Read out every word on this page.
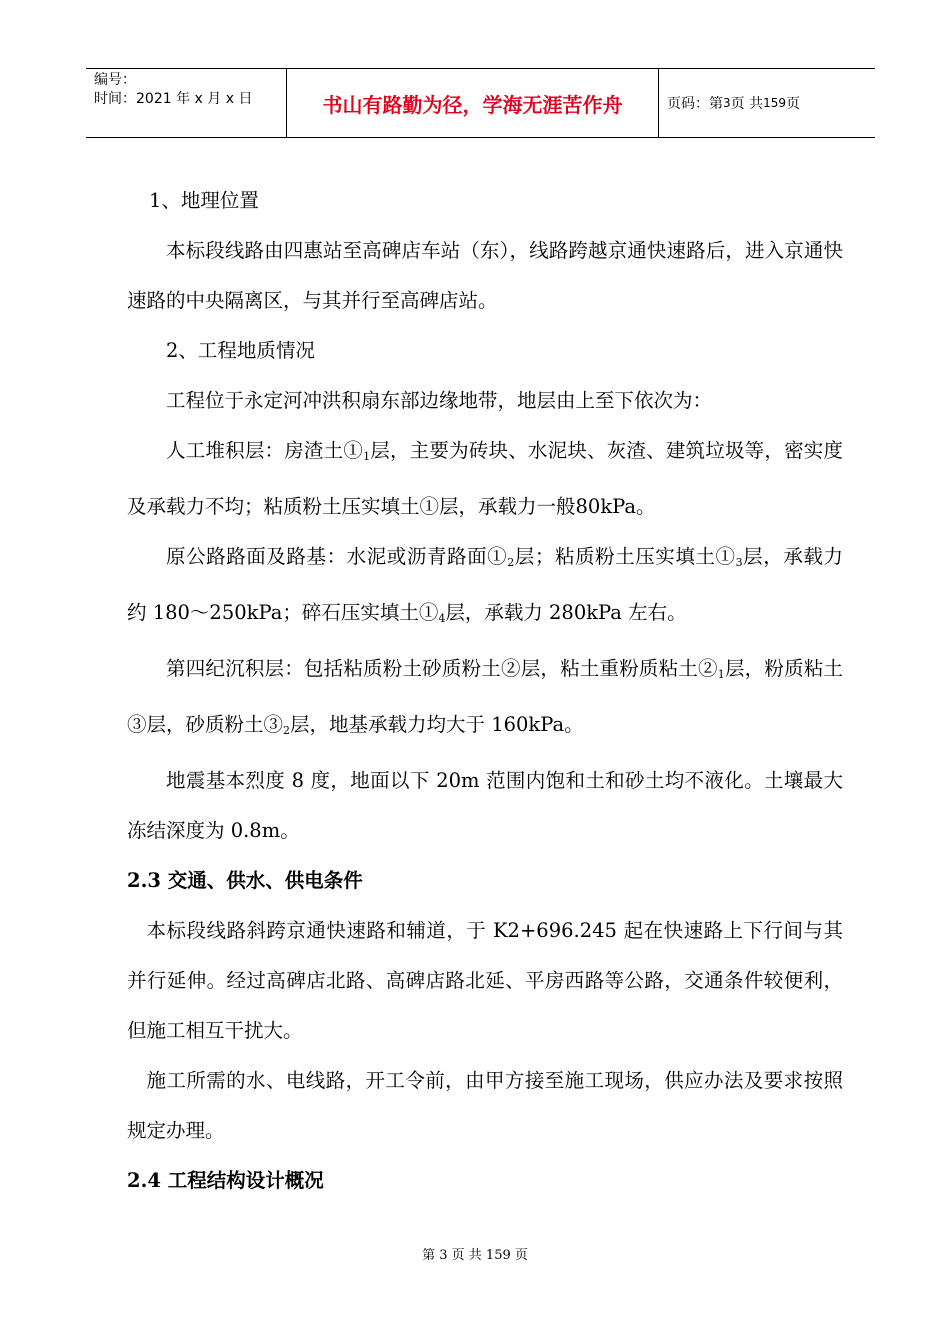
编号：
时间：2021 年 x 月 x 日	书山有路勤为径，学海无涯苦作舟	页码：第 3 页 共 159 页

1、地理位置

本标段线路由四惠站至高碑店车站（东），线路跨越京通快速路后，进入京通快速路的中央隔离区，与其并行至高碑店站。

2、工程地质情况

工程位于永定河冲洪积扇东部边缘地带，地层由上至下依次为：

人工堆积层：房渣土$①_1$层，主要为砖块、水泥块、灰渣、建筑垃圾等，密实度及承载力不均；粘质粉土压实填土①层，承载力一般80kPa。

原公路路面及路基：水泥或沥青路面$①_2$层；粘质粉土压实填土$①_3$层，承载力约 180～250kPa；碎石压实填土$①_4$层，承载力 280kPa 左右。

第四纪沉积层：包括粘质粉土砂质粉土②层，粘土重粉质粘土$②_1$层，粉质粘土③层，砂质粉土$③_2$层，地基承载力均大于 160kPa。

地震基本烈度 8 度，地面以下 20m 范围内饱和土和砂土均不液化。土壤最大冻结深度为 0.8m。

2.3 交通、供水、供电条件

本标段线路斜跨京通快速路和辅道，于 K2+696.245 起在快速路上下行间与其并行延伸。经过高碑店北路、高碑店路北延、平房西路等公路，交通条件较便利，但施工相互干扰大。

施工所需的水、电线路，开工令前，由甲方接至施工现场，供应办法及要求按照规定办理。

2.4 工程结构设计概况

第 3 页 共 159 页
